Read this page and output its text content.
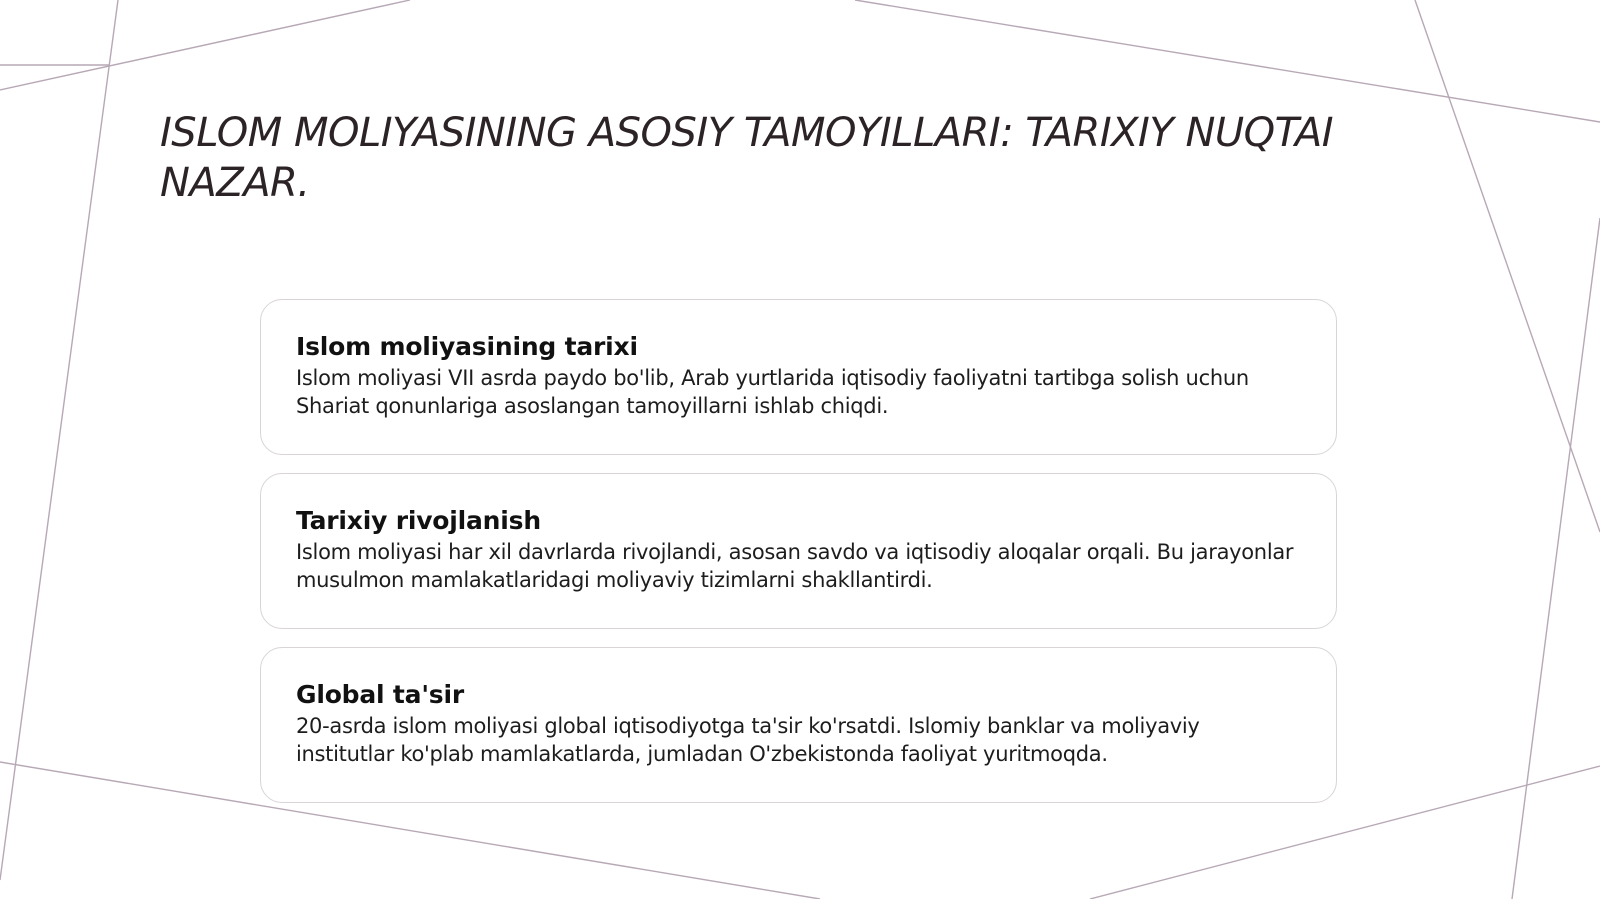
ISLOM MOLIYASINING ASOSIY TAMOYILLARI: TARIXIY NUQTAI NAZAR.
Islom moliyasining tarixi

Islom moliyasi VII asrda paydo bo'lib, Arab yurtlarida iqtisodiy faoliyatni tartibga solish uchun Shariat qonunlariga asoslangan tamoyillarni ishlab chiqdi.

Tarixiy rivojlanish

Islom moliyasi har xil davrlarda rivojlandi, asosan savdo va iqtisodiy aloqalar orqali. Bu jarayonlar musulmon mamlakatlaridagi moliyaviy tizimlarni shakllantirdi.

Global ta'sir

20-asrda islom moliyasi global iqtisodiyotga ta'sir ko'rsatdi. Islomiy banklar va moliyaviy institutlar ko'plab mamlakatlarda, jumladan O'zbekistonda faoliyat yuritmoqda.
